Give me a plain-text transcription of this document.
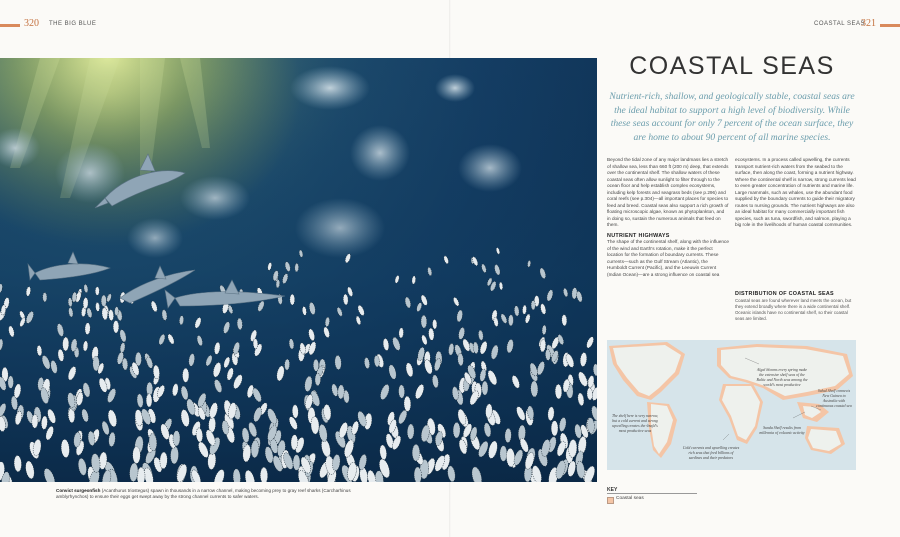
320 THE BIG BLUE	COASTAL SEAS
321
Convict surgeonfish (Acanthurus triostegus) spawn in thousands in a narrow channel, making becoming prey to gray reef sharks (Carcharhinus amblyrhynchos) to ensure their eggs get swept away by the strong channel currents to safer waters.
COASTAL SEAS
Nutrient-rich, shallow, and geologically stable, coastal seas are the ideal habitat to support a high level of biodiversity. While these seas account for only 7 percent of the ocean surface, they are home to about 90 percent of all marine species.
Beyond the tidal zone of any major landmass lies a stretch of shallow sea, less than 660 ft (200 m) deep, that extends over the continental shelf. The shallow waters of these coastal seas often allow sunlight to filter through to the ocean floor and help establish complex ecosystems, including kelp forests and seagrass beds (see p.296) and coral reefs (see p.304)—all important places for species to feed and breed. Coastal seas also support a rich growth of floating microscopic algae, known as phytoplankton, and in doing so, sustain the numerous animals that feed on them.
NUTRIENT HIGHWAYS
The shape of the continental shelf, along with the influence of the wind and Earth's rotation, make it the perfect location for the formation of boundary currents. These currents—such as the Gulf Stream (Atlantic), the Humboldt Current (Pacific), and the Leeuwin Current (Indian Ocean)—are a strong influence on coastal sea
ecosystems. In a process called upwelling, the currents transport nutrient-rich waters from the seabed to the surface, then along the coast, forming a nutrient highway. Where the continental shelf is narrow, strong currents lead to even greater concentration of nutrients and marine life. Large mammals, such as whales, use the abundant food supplied by the boundary currents to guide their migratory routes to nursing grounds. The nutrient highways are also an ideal habitat for many commercially important fish species, such as tuna, swordfish, and salmon, playing a big role in the livelihoods of human coastal communities.
DISTRIBUTION OF COASTAL SEAS
Coastal seas are found wherever land meets the ocean, but they extend broadly where there is a wide continental shelf. Oceanic islands have no continental shelf, so their coastal seas are limited.
Algal blooms every spring make the extensive shelf seas of the Baltic and North seas among the world's most productive
Sahul Shelf connects New Guinea to Australia with continuous coastal sea
The shelf here is very narrow, but a cold current and strong upwelling creates the world's most productive seas
Sunda Shelf results from millennia of volcanic activity
Cold currents and upwelling creates rich seas that feed billions of sardines and their predators
KEY
Coastal seas
